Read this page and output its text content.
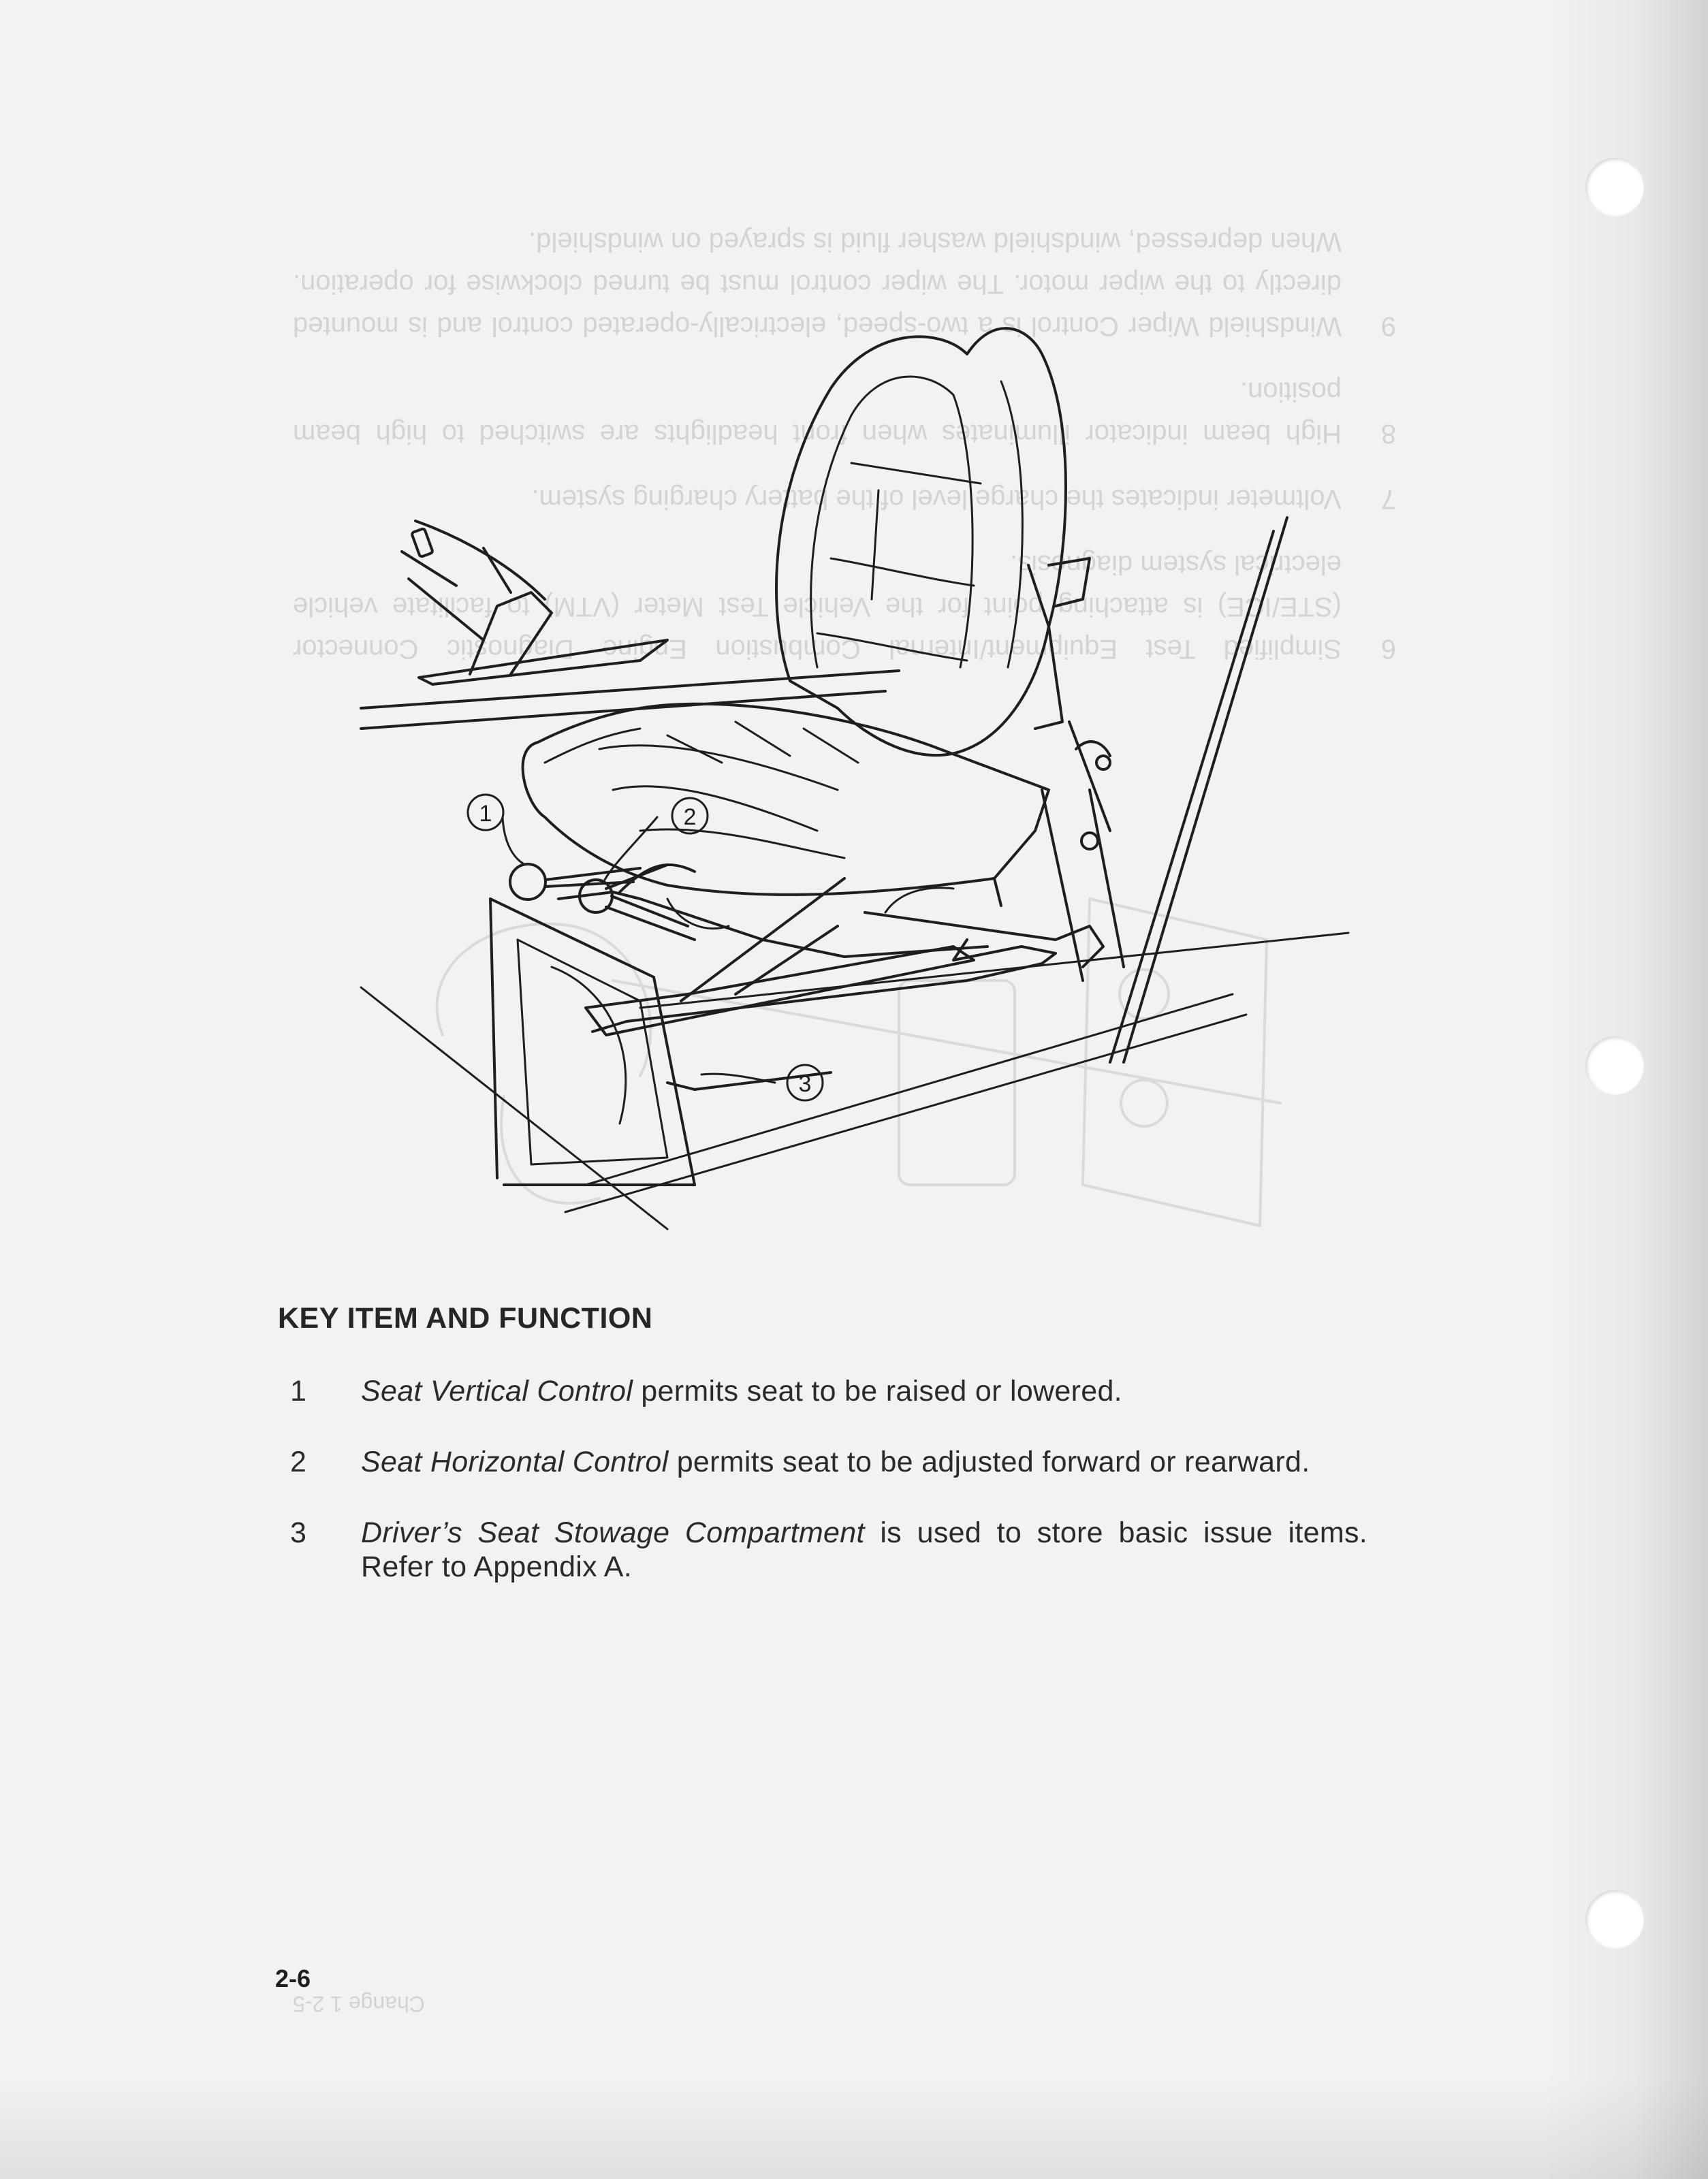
6
Simplified Test Equipment/Internal Combustion Engine Diagnostic Connector (STE/ICE) is attaching point for the Vehicle Test Meter (VTM) to facilitate vehicle electrical system diagnosis.
7
Voltmeter indicates the charge level of the battery charging system.
8
High beam indicator illuminates when front headlights are switched to high beam position.
9
Windshield Wiper Control is a two-speed, electrically-operated control and is mounted directly to the wiper motor. The wiper control must be turned clockwise for operation. When depressed, windshield washer fluid is sprayed on windshield.
Change 1 2-5
1	2
3
KEY ITEM AND FUNCTION
1	Seat Vertical Control permits seat to be raised or lowered.
2	Seat Horizontal Control permits seat to be adjusted forward or rearward.
3	Driver’s Seat Stowage Compartment is used to store basic issue items. Refer to Appendix A.
2-6
